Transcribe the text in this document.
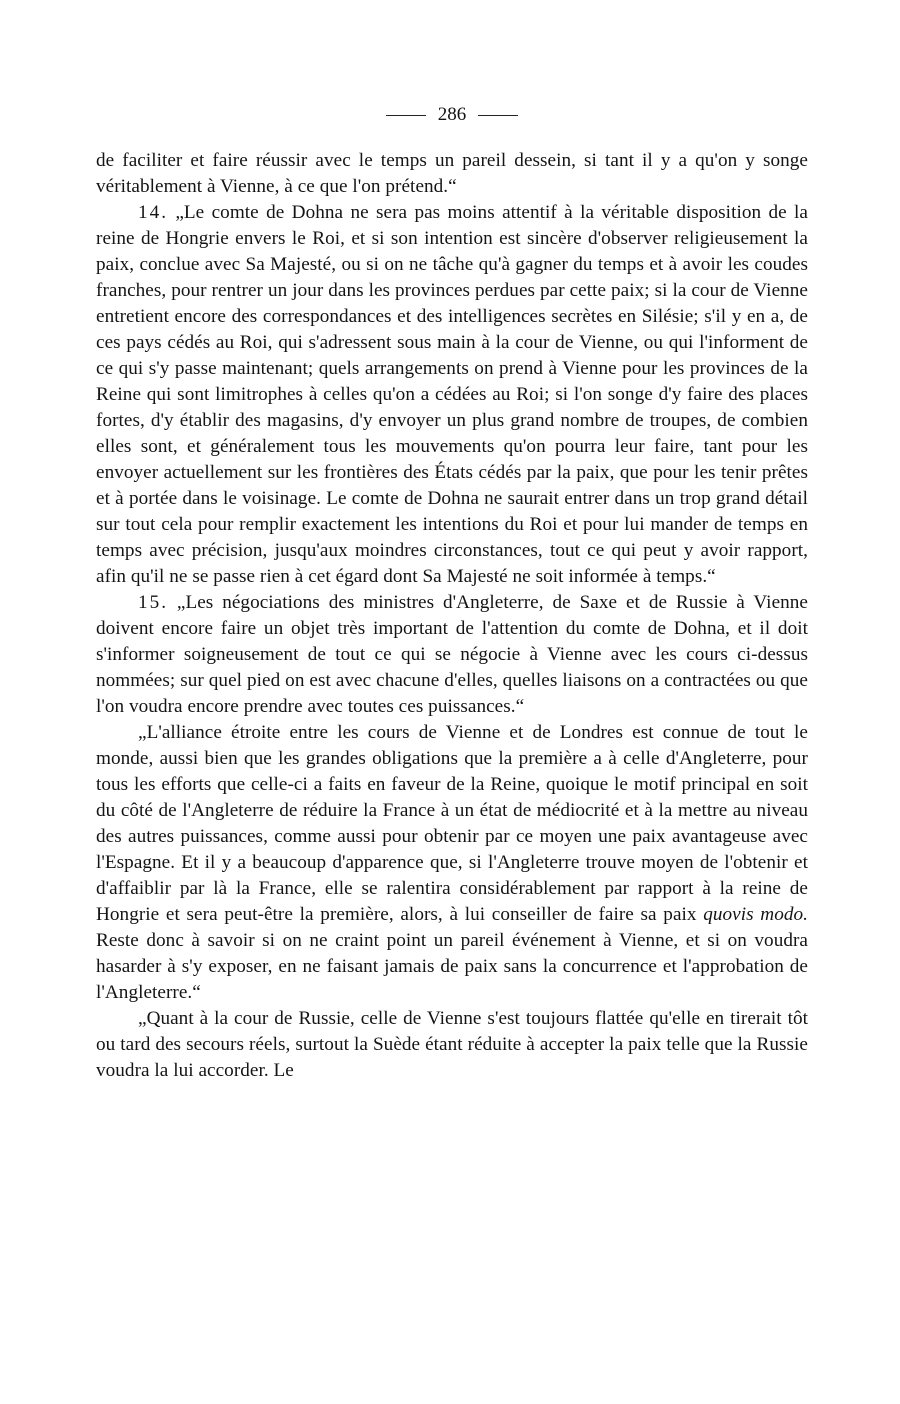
286

de faciliter et faire réussir avec le temps un pareil dessein, si tant il y a qu'on y songe véritablement à Vienne, à ce que l'on prétend.“

14. „Le comte de Dohna ne sera pas moins attentif à la véritable disposition de la reine de Hongrie envers le Roi, et si son intention est sincère d'observer religieusement la paix, conclue avec Sa Majesté, ou si on ne tâche qu'à gagner du temps et à avoir les coudes franches, pour rentrer un jour dans les provinces perdues par cette paix; si la cour de Vienne entretient encore des correspondances et des intelligences secrètes en Silésie; s'il y en a, de ces pays cédés au Roi, qui s'adressent sous main à la cour de Vienne, ou qui l'informent de ce qui s'y passe maintenant; quels arrangements on prend à Vienne pour les provinces de la Reine qui sont limitrophes à celles qu'on a cédées au Roi; si l'on songe d'y faire des places fortes, d'y établir des magasins, d'y envoyer un plus grand nombre de troupes, de combien elles sont, et généralement tous les mouvements qu'on pourra leur faire, tant pour les envoyer actuellement sur les frontières des États cédés par la paix, que pour les tenir prêtes et à portée dans le voisinage. Le comte de Dohna ne saurait entrer dans un trop grand détail sur tout cela pour remplir exactement les intentions du Roi et pour lui mander de temps en temps avec précision, jusqu'aux moindres circonstances, tout ce qui peut y avoir rapport, afin qu'il ne se passe rien à cet égard dont Sa Majesté ne soit informée à temps.“

15. „Les négociations des ministres d'Angleterre, de Saxe et de Russie à Vienne doivent encore faire un objet très important de l'attention du comte de Dohna, et il doit s'informer soigneusement de tout ce qui se négocie à Vienne avec les cours ci-dessus nommées; sur quel pied on est avec chacune d'elles, quelles liaisons on a contractées ou que l'on voudra encore prendre avec toutes ces puissances.“

„L'alliance étroite entre les cours de Vienne et de Londres est connue de tout le monde, aussi bien que les grandes obligations que la première a à celle d'Angleterre, pour tous les efforts que celle-ci a faits en faveur de la Reine, quoique le motif principal en soit du côté de l'Angleterre de réduire la France à un état de médiocrité et à la mettre au niveau des autres puissances, comme aussi pour obtenir par ce moyen une paix avantageuse avec l'Espagne. Et il y a beaucoup d'apparence que, si l'Angleterre trouve moyen de l'obtenir et d'affaiblir par là la France, elle se ralentira considérablement par rapport à la reine de Hongrie et sera peut-être la première, alors, à lui conseiller de faire sa paix quovis modo. Reste donc à savoir si on ne craint point un pareil événement à Vienne, et si on voudra hasarder à s'y exposer, en ne faisant jamais de paix sans la concurrence et l'approbation de l'Angleterre.“

„Quant à la cour de Russie, celle de Vienne s'est toujours flattée qu'elle en tirerait tôt ou tard des secours réels, surtout la Suède étant réduite à accepter la paix telle que la Russie voudra la lui accorder. Le
